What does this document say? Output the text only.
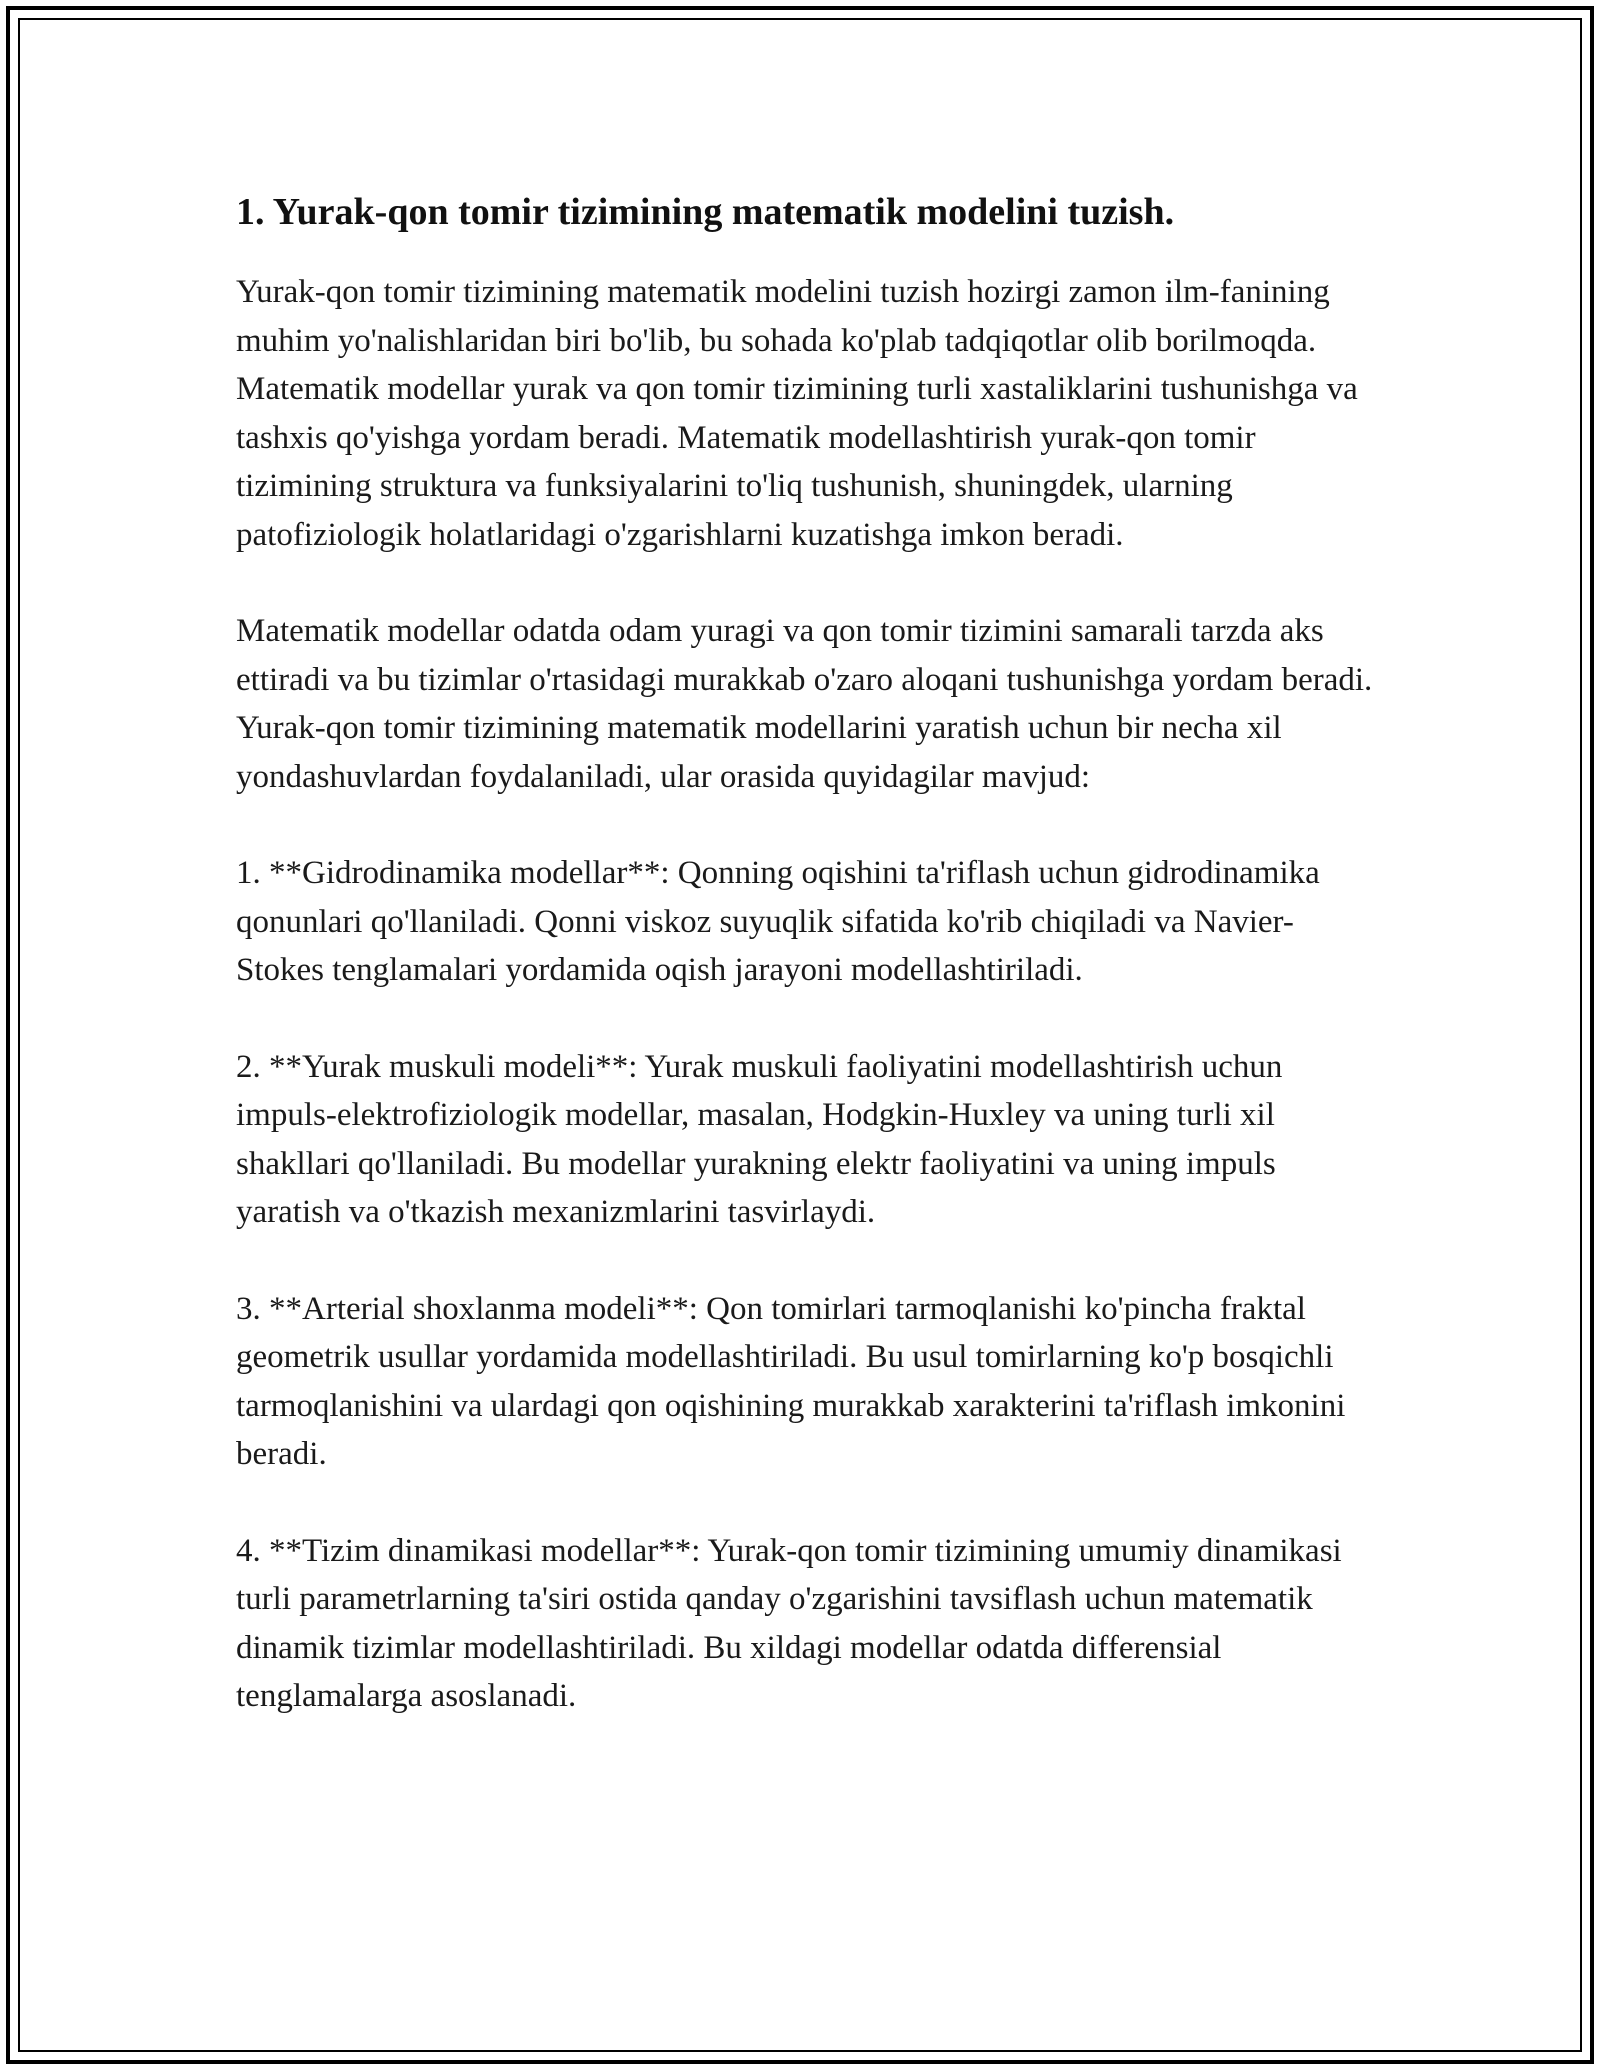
1. Yurak-qon tomir tizimining matematik modelini tuzish.

Yurak-qon tomir tizimining matematik modelini tuzish hozirgi zamon ilm-fanining muhim yo'nalishlaridan biri bo'lib, bu sohada ko'plab tadqiqotlar olib borilmoqda. Matematik modellar yurak va qon tomir tizimining turli xastaliklarini tushunishga va tashxis qo'yishga yordam beradi. Matematik modellashtirish yurak-qon tomir tizimining struktura va funksiyalarini to'liq tushunish, shuningdek, ularning patofiziologik holatlaridagi o'zgarishlarni kuzatishga imkon beradi.

Matematik modellar odatda odam yuragi va qon tomir tizimini samarali tarzda aks ettiradi va bu tizimlar o'rtasidagi murakkab o'zaro aloqani tushunishga yordam beradi. Yurak-qon tomir tizimining matematik modellarini yaratish uchun bir necha xil yondashuvlardan foydalaniladi, ular orasida quyidagilar mavjud:

1. **Gidrodinamika modellar**: Qonning oqishini ta'riflash uchun gidrodinamika qonunlari qo'llaniladi. Qonni viskoz suyuqlik sifatida ko'rib chiqiladi va Navier-Stokes tenglamalari yordamida oqish jarayoni modellashtiriladi.

2. **Yurak muskuli modeli**: Yurak muskuli faoliyatini modellashtirish uchun impuls-elektrofiziologik modellar, masalan, Hodgkin-Huxley va uning turli xil shakllari qo'llaniladi. Bu modellar yurakning elektr faoliyatini va uning impuls yaratish va o'tkazish mexanizmlarini tasvirlaydi.

3. **Arterial shoxlanma modeli**: Qon tomirlari tarmoqlanishi ko'pincha fraktal geometrik usullar yordamida modellashtiriladi. Bu usul tomirlarning ko'p bosqichli tarmoqlanishini va ulardagi qon oqishining murakkab xarakterini ta'riflash imkonini beradi.

4. **Tizim dinamikasi modellar**: Yurak-qon tomir tizimining umumiy dinamikasi turli parametrlarning ta'siri ostida qanday o'zgarishini tavsiflash uchun matematik dinamik tizimlar modellashtiriladi. Bu xildagi modellar odatda differensial tenglamalarga asoslanadi.
